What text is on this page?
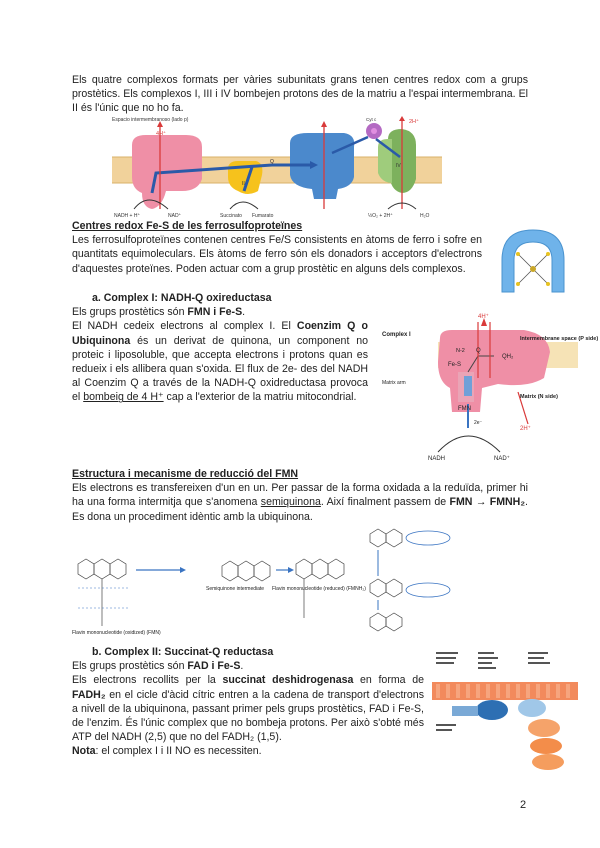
Els quatre complexos formats per vàries subunitats grans tenen centres redox com a grups prostètics. Els complexos I, III i IV bombejen protons des de la matriu a l'espai intermembrana. El II és l'únic que no ho fa.

Espacio intermembranoso (lado p)
4H⁺
2H⁺
NADH + H⁺	NAD⁺	Succinato Fumarato	½O₂ + 2H⁺	H₂O
Q
Cyt c
II
IV

Centres redox Fe-S de les ferrosulfoproteïnes

Les ferrosulfoproteïnes contenen centres Fe/S consistents en àtoms de ferro i sofre en quantitats equimoleculars. Els àtoms de ferro són els donadors i acceptors d'electrons d'aquestes proteïnes. Poden actuar com a grup prostètic en alguns dels complexos.

a. Complex I: NADH-Q oxireductasa

Els grups prostètics són FMN i Fe-S.

El NADH cedeix electrons al complex I. El Coenzim Q o Ubiquinona és un derivat de quinona, un component no proteic i liposoluble, que accepta electrons i protons quan es redueix i els allibera quan s'oxida. El flux de 2e- des del NADH al Coenzim Q a través de la NADH-Q oxidreductasa provoca el bombeig de 4 H⁺ cap a l'exterior de la matriu mitocondrial.

Complex I
Intermembrane space (P side)
Matrix (N side)
Matrix arm
4H⁺
2H⁺
NADH	NAD⁺
Fe-S
FMN
N-2 Q
QH₂
2e⁻

Estructura i mecanisme de reducció del FMN

Els electrons es transfereixen d'un en un. Per passar de la forma oxidada a la reduïda, primer hi ha una forma intermitja que s'anomena semiquinona. Així finalment passem de FMN → FMNH₂. Es dona un procediment idèntic amb la ubiquinona.

Semiquinone intermediate Flavin mononucleotide (reduced) (FMNH₂)
Flavin mononucleotide (oxidized) (FMN)

b. Complex II: Succinat-Q reductasa

Els grups prostètics són FAD i Fe-S.

Els electrons recollits per la succinat deshidrogenasa en forma de FADH₂ en el cicle d'àcid cítric entren a la cadena de transport d'electrons a nivell de la ubiquinona, passant primer pels grups prostètics, FAD i Fe-S, de l'enzim. És l'únic complex que no bombeja protons. Per això s'obté més ATP del NADH (2,5) que no del FADH₂ (1,5).

Nota: el complex I i II NO es necessiten.

2
